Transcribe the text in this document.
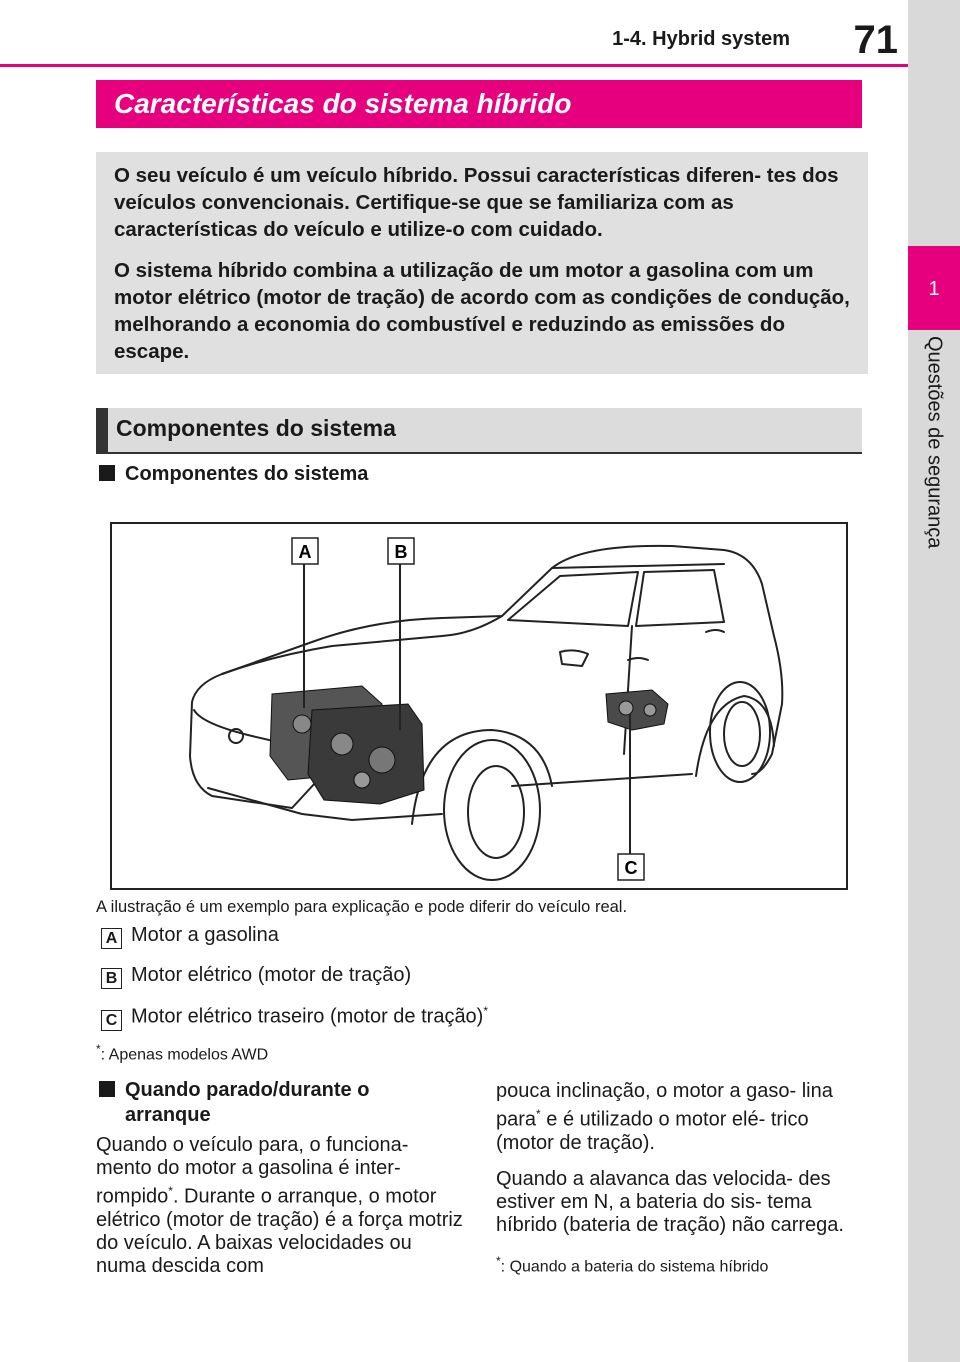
1-4. Hybrid system	71
1
Questões de segurança
Características do sistema híbrido

O seu veículo é um veículo híbrido. Possui características diferen- tes dos veículos convencionais. Certifique-se que se familiariza com as características do veículo e utilize-o com cuidado.

O sistema híbrido combina a utilização de um motor a gasolina com um motor elétrico (motor de tração) de acordo com as condições de condução, melhorando a economia do combustível e reduzindo as emissões do escape.

Componentes do sistema
Componentes do sistema
A	B
C
A ilustração é um exemplo para explicação e pode diferir do veículo real.
A Motor a gasolina
B Motor elétrico (motor de tração)
C Motor elétrico traseiro (motor de tração)*
*: Apenas modelos AWD
Quando parado/durante o
arranque

Quando o veículo para, o funciona- mento do motor a gasolina é inter- rompido*. Durante o arranque, o motor elétrico (motor de tração) é a força motriz do veículo. A baixas velocidades ou numa descida com

pouca inclinação, o motor a gaso- lina para* e é utilizado o motor elé- trico (motor de tração).

Quando a alavanca das velocida- des estiver em N, a bateria do sis- tema híbrido (bateria de tração) não carrega.

*: Quando a bateria do sistema híbrido
